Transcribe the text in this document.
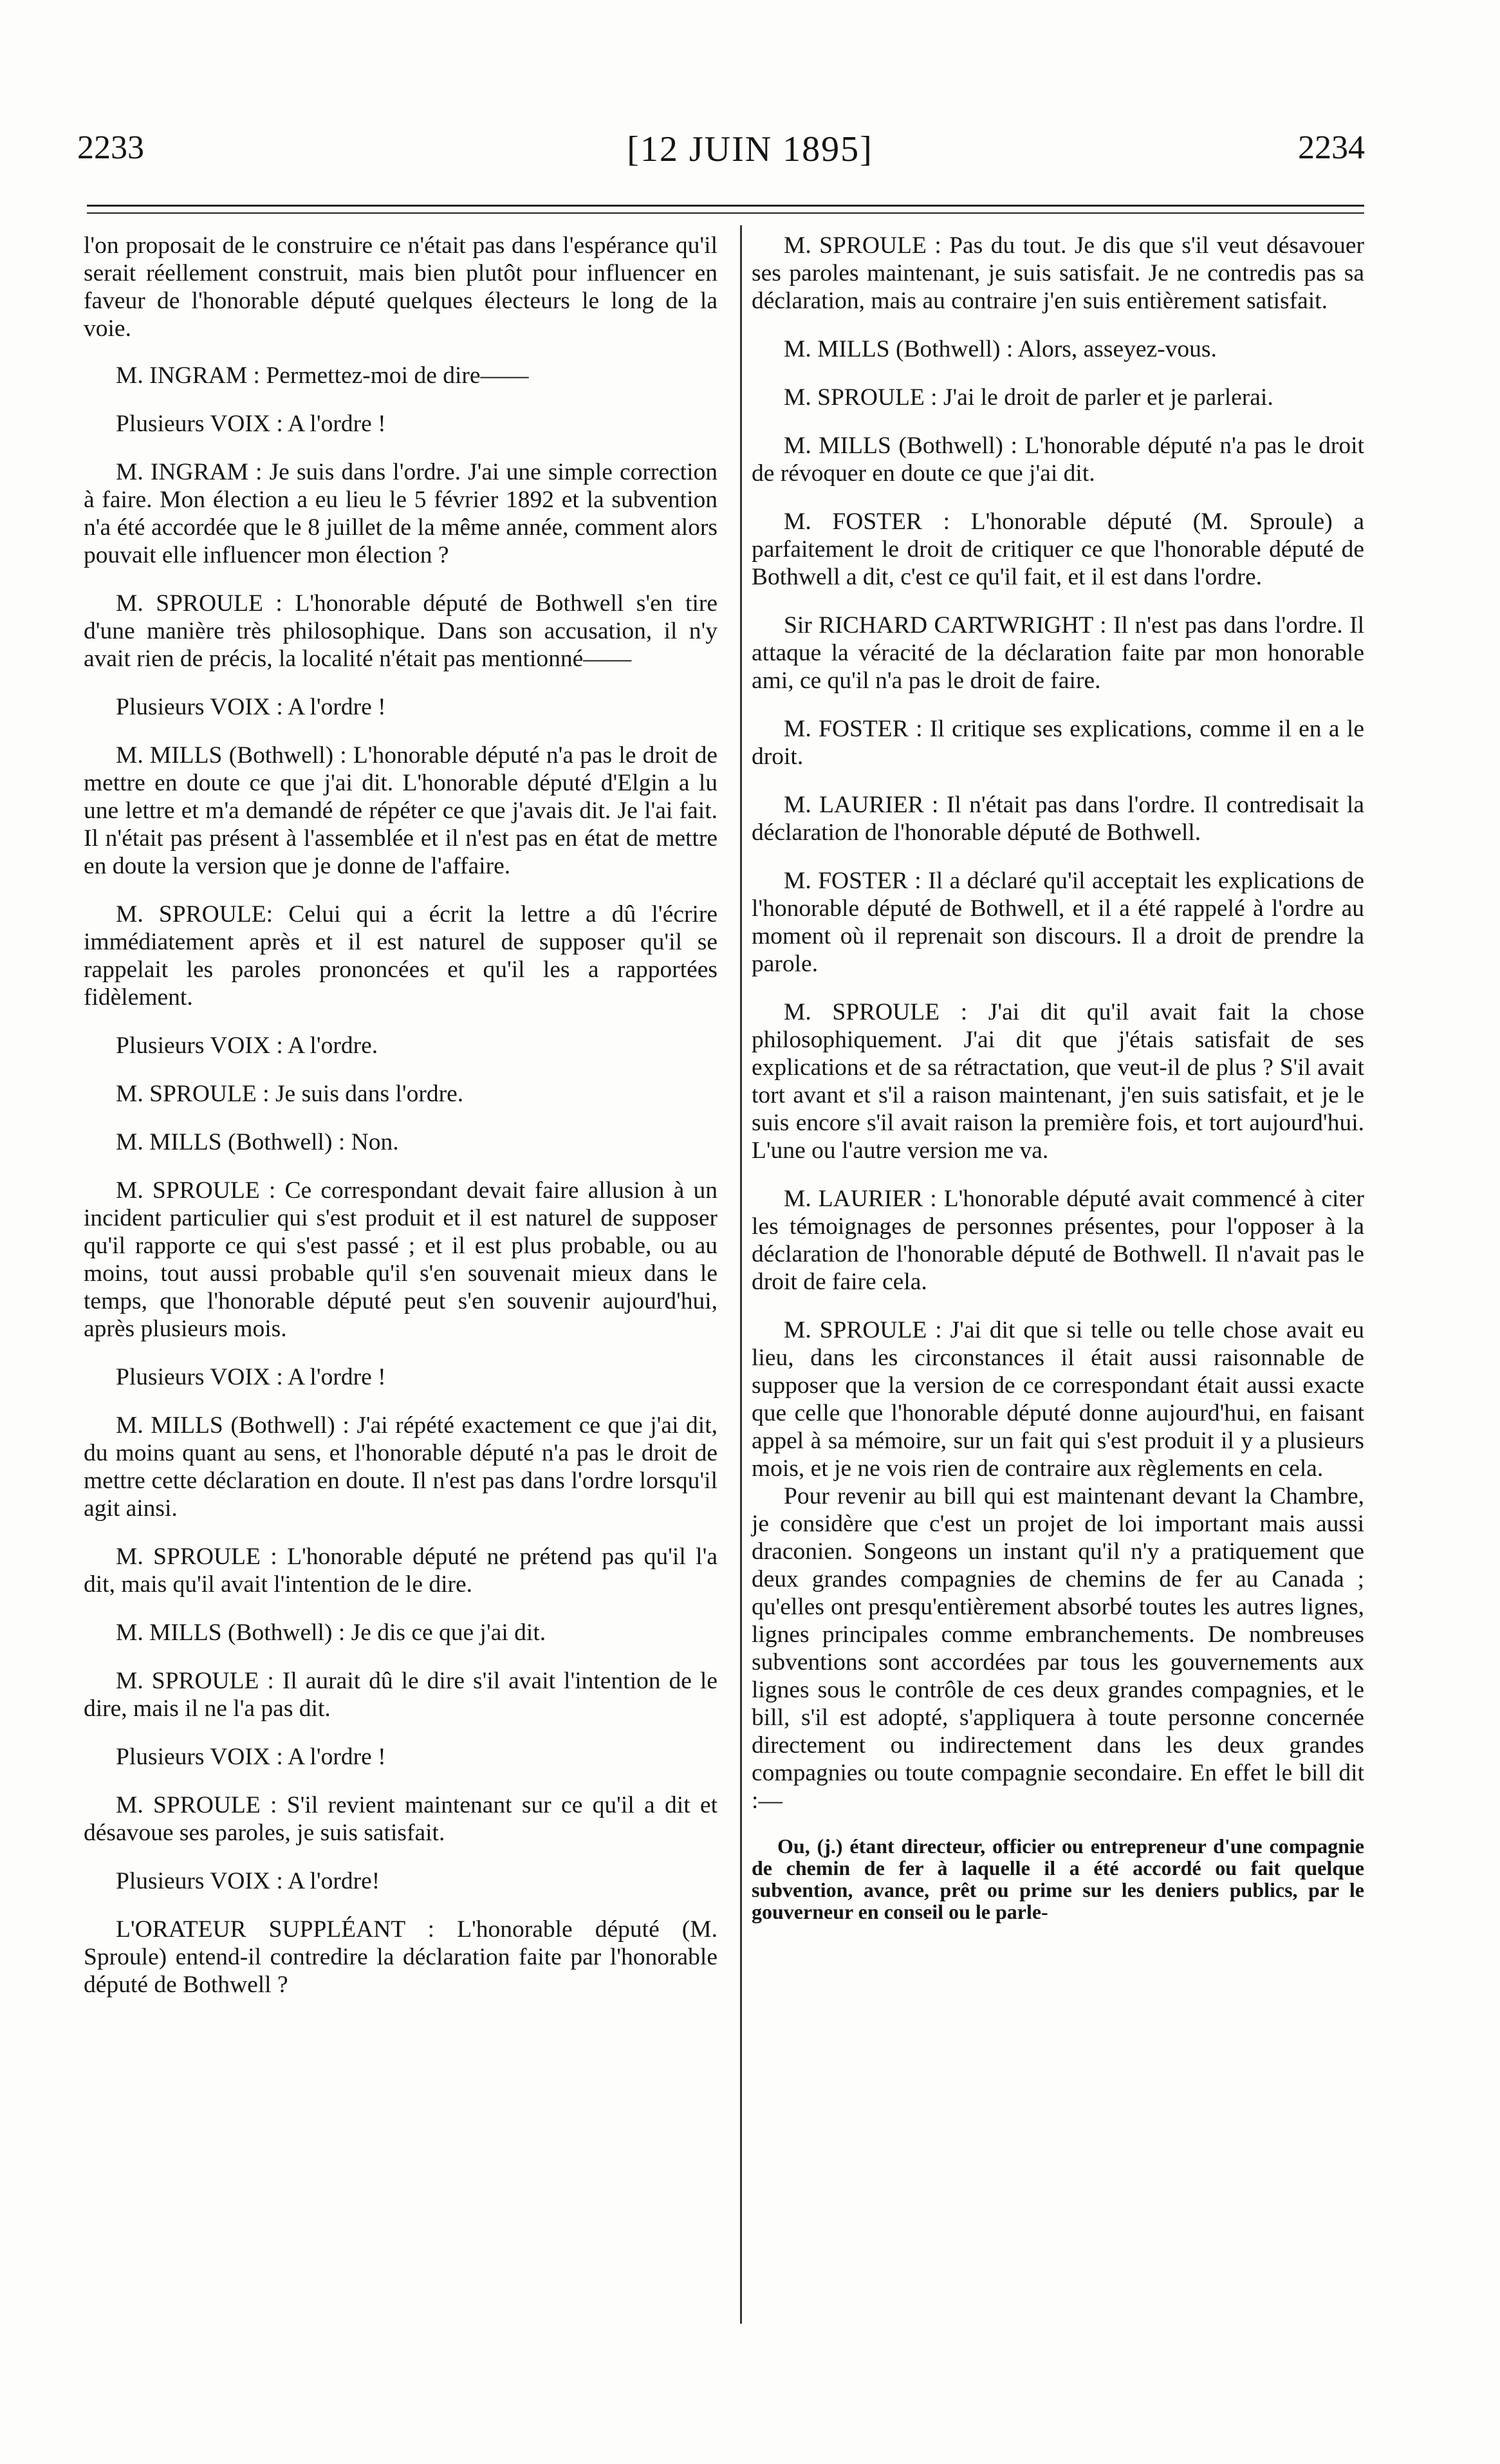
2233	[12 JUIN 1895]	2234

l'on proposait de le construire ce n'était pas dans l'espérance qu'il serait réellement construit, mais bien plutôt pour influencer en faveur de l'honorable député quelques électeurs le long de la voie.

M. INGRAM : Permettez-moi de dire——

Plusieurs VOIX : A l'ordre !

M. INGRAM : Je suis dans l'ordre. J'ai une simple correction à faire. Mon élection a eu lieu le 5 février 1892 et la subvention n'a été accordée que le 8 juillet de la même année, comment alors pouvait elle influencer mon élection ?

M. SPROULE : L'honorable député de Bothwell s'en tire d'une manière très philosophique. Dans son accusation, il n'y avait rien de précis, la localité n'était pas mentionné——

Plusieurs VOIX : A l'ordre !

M. MILLS (Bothwell) : L'honorable député n'a pas le droit de mettre en doute ce que j'ai dit. L'honorable député d'Elgin a lu une lettre et m'a demandé de répéter ce que j'avais dit. Je l'ai fait. Il n'était pas présent à l'assemblée et il n'est pas en état de mettre en doute la version que je donne de l'affaire.

M. SPROULE: Celui qui a écrit la lettre a dû l'écrire immédiatement après et il est naturel de supposer qu'il se rappelait les paroles prononcées et qu'il les a rapportées fidèlement.

Plusieurs VOIX : A l'ordre.

M. SPROULE : Je suis dans l'ordre.

M. MILLS (Bothwell) : Non.

M. SPROULE : Ce correspondant devait faire allusion à un incident particulier qui s'est produit et il est naturel de supposer qu'il rapporte ce qui s'est passé ; et il est plus probable, ou au moins, tout aussi probable qu'il s'en souvenait mieux dans le temps, que l'honorable député peut s'en souvenir aujourd'hui, après plusieurs mois.

Plusieurs VOIX : A l'ordre !

M. MILLS (Bothwell) : J'ai répété exactement ce que j'ai dit, du moins quant au sens, et l'honorable député n'a pas le droit de mettre cette déclaration en doute. Il n'est pas dans l'ordre lorsqu'il agit ainsi.

M. SPROULE : L'honorable député ne prétend pas qu'il l'a dit, mais qu'il avait l'intention de le dire.

M. MILLS (Bothwell) : Je dis ce que j'ai dit.

M. SPROULE : Il aurait dû le dire s'il avait l'intention de le dire, mais il ne l'a pas dit.

Plusieurs VOIX : A l'ordre !

M. SPROULE : S'il revient maintenant sur ce qu'il a dit et désavoue ses paroles, je suis satisfait.

Plusieurs VOIX : A l'ordre!

L'ORATEUR SUPPLÉANT : L'honorable député (M. Sproule) entend-il contredire la déclaration faite par l'honorable député de Bothwell ?

M. SPROULE : Pas du tout. Je dis que s'il veut désavouer ses paroles maintenant, je suis satisfait. Je ne contredis pas sa déclaration, mais au contraire j'en suis entièrement satisfait.

M. MILLS (Bothwell) : Alors, asseyez-vous.

M. SPROULE : J'ai le droit de parler et je parlerai.

M. MILLS (Bothwell) : L'honorable député n'a pas le droit de révoquer en doute ce que j'ai dit.

M. FOSTER : L'honorable député (M. Sproule) a parfaitement le droit de critiquer ce que l'honorable député de Bothwell a dit, c'est ce qu'il fait, et il est dans l'ordre.

Sir RICHARD CARTWRIGHT : Il n'est pas dans l'ordre. Il attaque la véracité de la déclaration faite par mon honorable ami, ce qu'il n'a pas le droit de faire.

M. FOSTER : Il critique ses explications, comme il en a le droit.

M. LAURIER : Il n'était pas dans l'ordre. Il contredisait la déclaration de l'honorable député de Bothwell.

M. FOSTER : Il a déclaré qu'il acceptait les explications de l'honorable député de Bothwell, et il a été rappelé à l'ordre au moment où il reprenait son discours. Il a droit de prendre la parole.

M. SPROULE : J'ai dit qu'il avait fait la chose philosophiquement. J'ai dit que j'étais satisfait de ses explications et de sa rétractation, que veut-il de plus ? S'il avait tort avant et s'il a raison maintenant, j'en suis satisfait, et je le suis encore s'il avait raison la première fois, et tort aujourd'hui. L'une ou l'autre version me va.

M. LAURIER : L'honorable député avait commencé à citer les témoignages de personnes présentes, pour l'opposer à la déclaration de l'honorable député de Bothwell. Il n'avait pas le droit de faire cela.

M. SPROULE : J'ai dit que si telle ou telle chose avait eu lieu, dans les circonstances il était aussi raisonnable de supposer que la version de ce correspondant était aussi exacte que celle que l'honorable député donne aujourd'hui, en faisant appel à sa mémoire, sur un fait qui s'est produit il y a plusieurs mois, et je ne vois rien de contraire aux règlements en cela.

Pour revenir au bill qui est maintenant devant la Chambre, je considère que c'est un projet de loi important mais aussi draconien. Songeons un instant qu'il n'y a pratiquement que deux grandes compagnies de chemins de fer au Canada ; qu'elles ont presqu'entièrement absorbé toutes les autres lignes, lignes principales comme embranchements. De nombreuses subventions sont accordées par tous les gouvernements aux lignes sous le contrôle de ces deux grandes compagnies, et le bill, s'il est adopté, s'appliquera à toute personne concernée directement ou indirectement dans les deux grandes compagnies ou toute compagnie secondaire. En effet le bill dit :—

Ou, (j.) étant directeur, officier ou entrepreneur d'une compagnie de chemin de fer à laquelle il a été accordé ou fait quelque subvention, avance, prêt ou prime sur les deniers publics, par le gouverneur en conseil ou le parle-
